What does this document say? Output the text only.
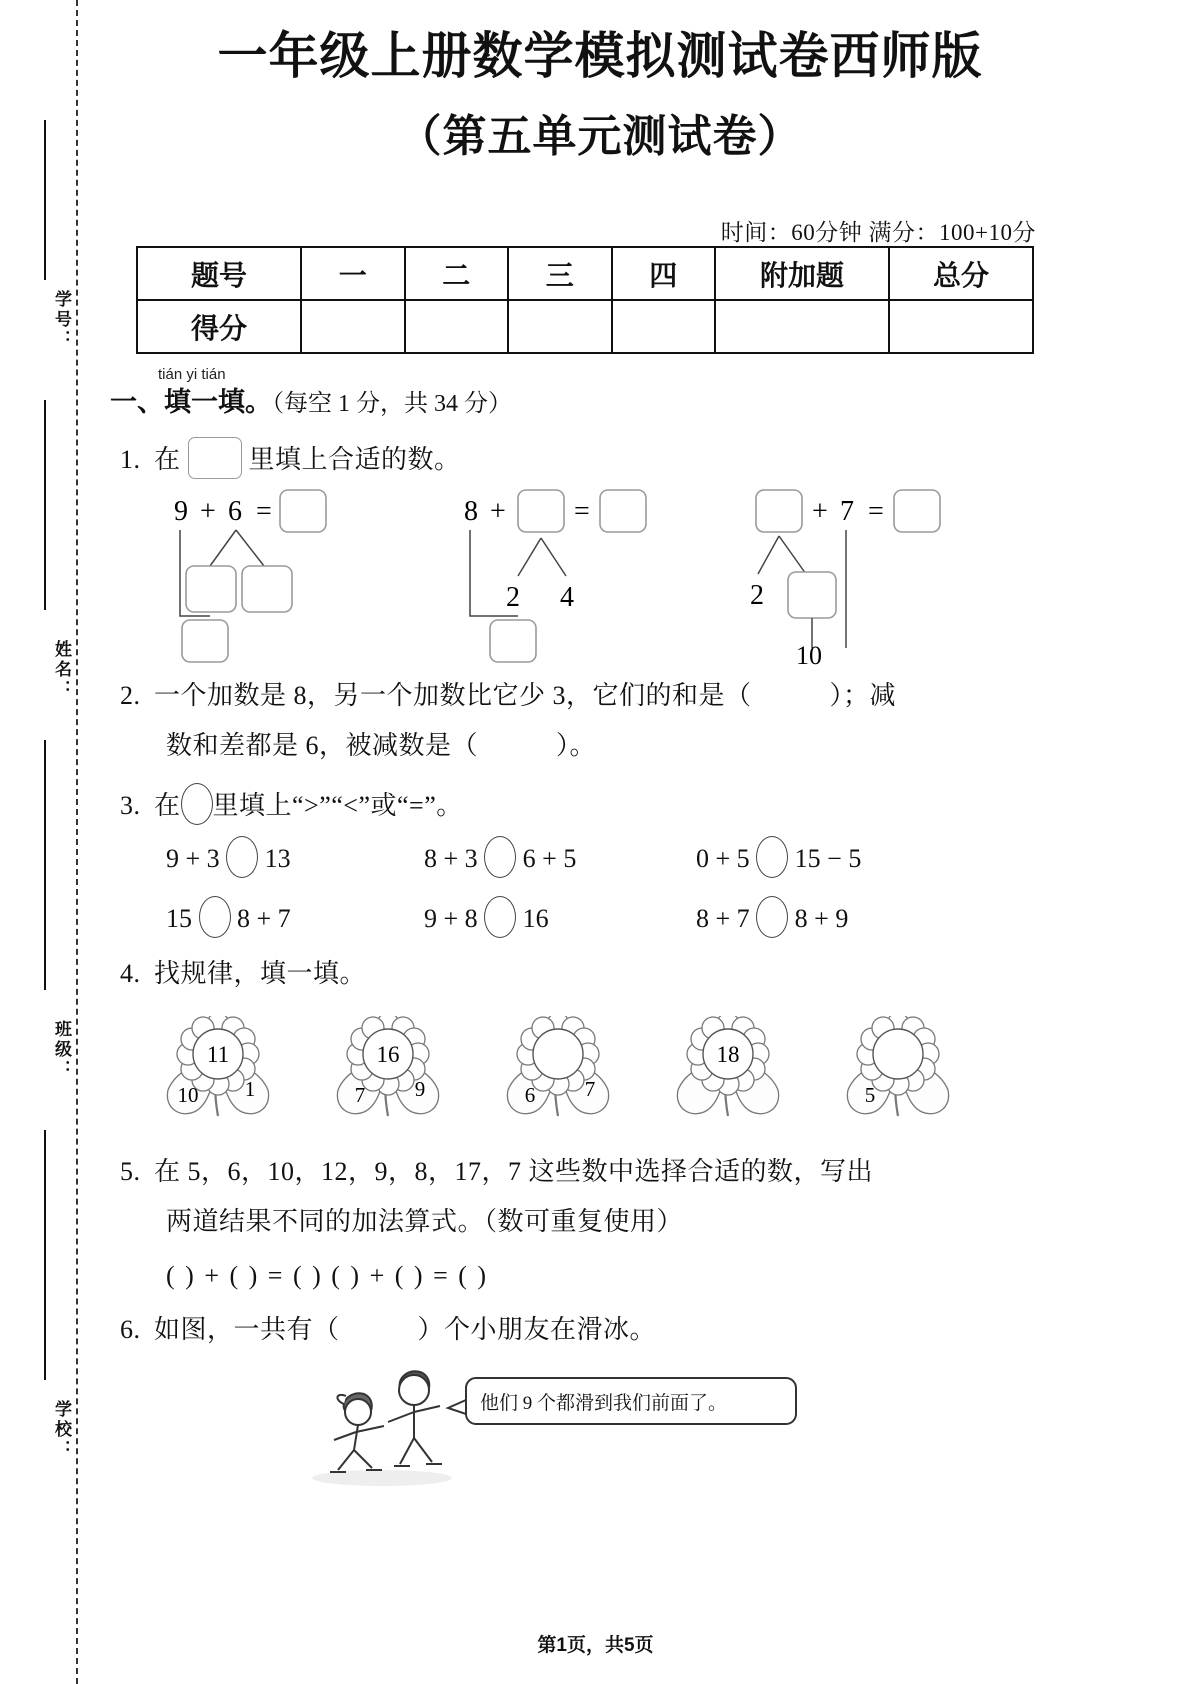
学号：
姓名：
班级：
学校：
一年级上册数学模拟测试卷西师版
（第五单元测试卷）
时间：60分钟 满分：100+10分
题号	一	二	三	四	附加题	总分
得分						
tián yi tián
一、填一填。（每空 1 分，共 34 分）
1. 在	里填上合适的数。
9 + 6 =	8 + =
2 4
+ 7 =
2
10
2. 一个加数是 8，另一个加数比它少 3，它们的和是（	）；减
数和差都是 6，被减数是（	）。
3. 在 里填上“>”“<”或“=”。
9 + 3 13	8 + 3 6 + 5	0 + 5 15 − 5
15 8 + 7	9 + 8 16	8 + 7 8 + 9
4. 找规律，填一填。
11
10 1
16
7 9	6 7
18
5
5. 在 5，6，10，12，9，8，17，7 这些数中选择合适的数，写出
两道结果不同的加法算式。（数可重复使用）
( ) + ( ) = ( ) ( ) + ( ) = ( )
6. 如图，一共有（	）个小朋友在滑冰。
他们 9 个都滑到我们前面了。
第1页，共5页
